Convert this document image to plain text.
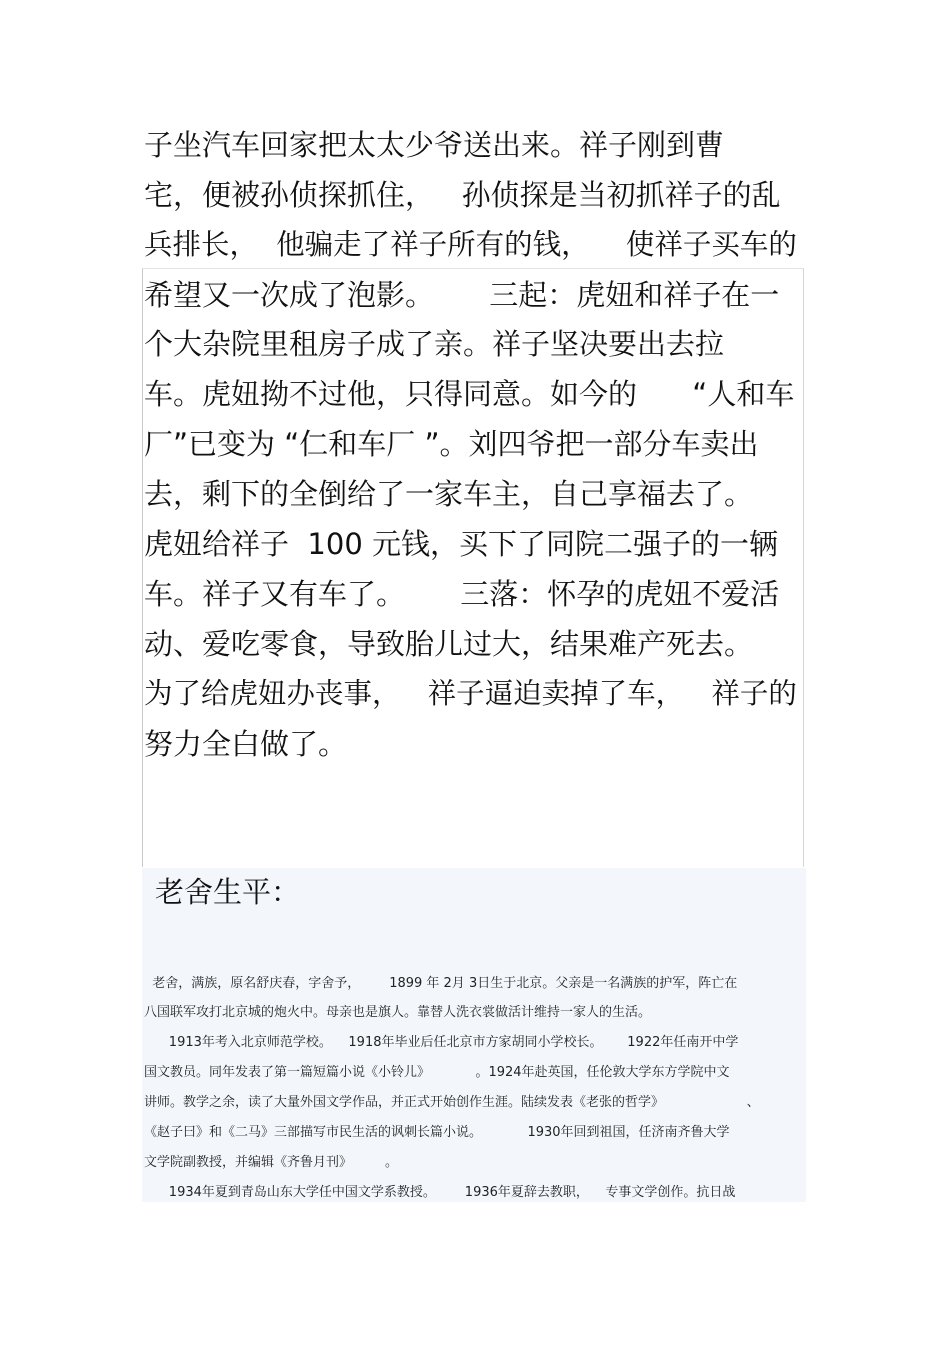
子坐汽车回家把太太少爷送出来。祥子刚到曹

宅，便被孙侦探抓住，   孙侦探是当初抓祥子的乱

兵排长，  他骗走了祥子所有的钱，    使祥子买车的

希望又一次成了泡影。      三起：虎妞和祥子在一

个大杂院里租房子成了亲。祥子坚决要出去拉

车。虎妞拗不过他，只得同意。如今的      “人和车

厂”已变为 “仁和车厂 ”。刘四爷把一部分车卖出

去，剩下的全倒给了一家车主，自己享福去了。

虎妞给祥子  100 元钱，买下了同院二强子的一辆

车。祥子又有车了。      三落：怀孕的虎妞不爱活

动、爱吃零食，导致胎儿过大，结果难产死去。

为了给虎妞办丧事，   祥子逼迫卖掉了车，   祥子的

努力全白做了。

老舍生平：

老舍，满族，原名舒庆春，字舍予，       1899 年 2月 3日生于北京。父亲是一名满族的护军，阵亡在

八国联军攻打北京城的炮火中。母亲也是旗人。靠替人洗衣裳做活计维持一家人的生活。

1913年考入北京师范学校。    1918年毕业后任北京市方家胡同小学校长。      1922年任南开中学

国文教员。同年发表了第一篇短篇小说《小铃儿》           。1924年赴英国，任伦敦大学东方学院中文

讲师。教学之余，读了大量外国文学作品，并正式开始创作生涯。陆续发表《老张的哲学》                    、

《赵子曰》和《二马》三部描写市民生活的讽刺长篇小说。           1930年回到祖国，任济南齐鲁大学

文学院副教授，并编辑《齐鲁月刊》        。

1934年夏到青岛山东大学任中国文学系教授。       1936年夏辞去教职，    专事文学创作。抗日战
